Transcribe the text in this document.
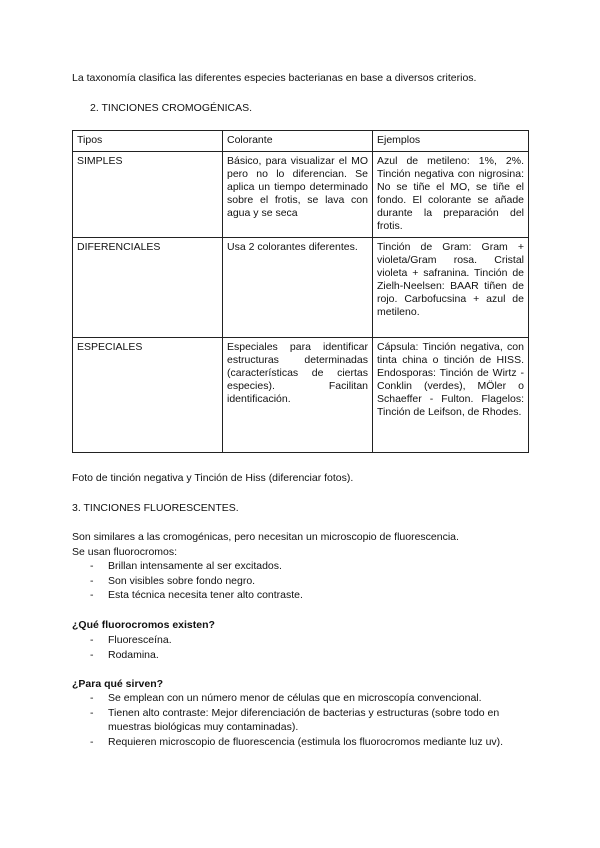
La taxonomía clasifica las diferentes especies bacterianas en base a diversos criterios.
2. TINCIONES CROMOGÉNICAS.
Tipos	Colorante	Ejemplos
SIMPLES	Básico, para visualizar el MO pero no lo diferencian. Se aplica un tiempo determinado sobre el frotis, se lava con agua y se seca	Azul de metileno: 1%, 2%. Tinción negativa con nigrosina: No se tiñe el MO, se tiñe el fondo. El colorante se añade durante la preparación del frotis.
DIFERENCIALES	Usa 2 colorantes diferentes.	Tinción de Gram: Gram + violeta/Gram rosa. Cristal violeta + safranina. Tinción de Zielh-Neelsen: BAAR tiñen de rojo. Carbofucsina + azul de metileno.
ESPECIALES	Especiales para identificar estructuras determinadas (características de ciertas especies). Facilitan identificación.	Cápsula: Tinción negativa, con tinta china o tinción de HISS. Endosporas: Tinción de Wirtz - Conklin (verdes), MÖler o Schaeffer - Fulton. Flagelos: Tinción de Leifson, de Rhodes.
Foto de tinción negativa y Tinción de Hiss (diferenciar fotos).
3. TINCIONES FLUORESCENTES.
Son similares a las cromogénicas, pero necesitan un microscopio de fluorescencia.
Se usan fluorocromos:
- Brillan intensamente al ser excitados.
- Son visibles sobre fondo negro.
- Esta técnica necesita tener alto contraste.
¿Qué fluorocromos existen?
- Fluoresceína.
- Rodamina.
¿Para qué sirven?
- Se emplean con un número menor de células que en microscopía convencional.
- Tienen alto contraste: Mejor diferenciación de bacterias y estructuras (sobre todo en muestras biológicas muy contaminadas).
- Requieren microscopio de fluorescencia (estimula los fluorocromos mediante luz uv).
